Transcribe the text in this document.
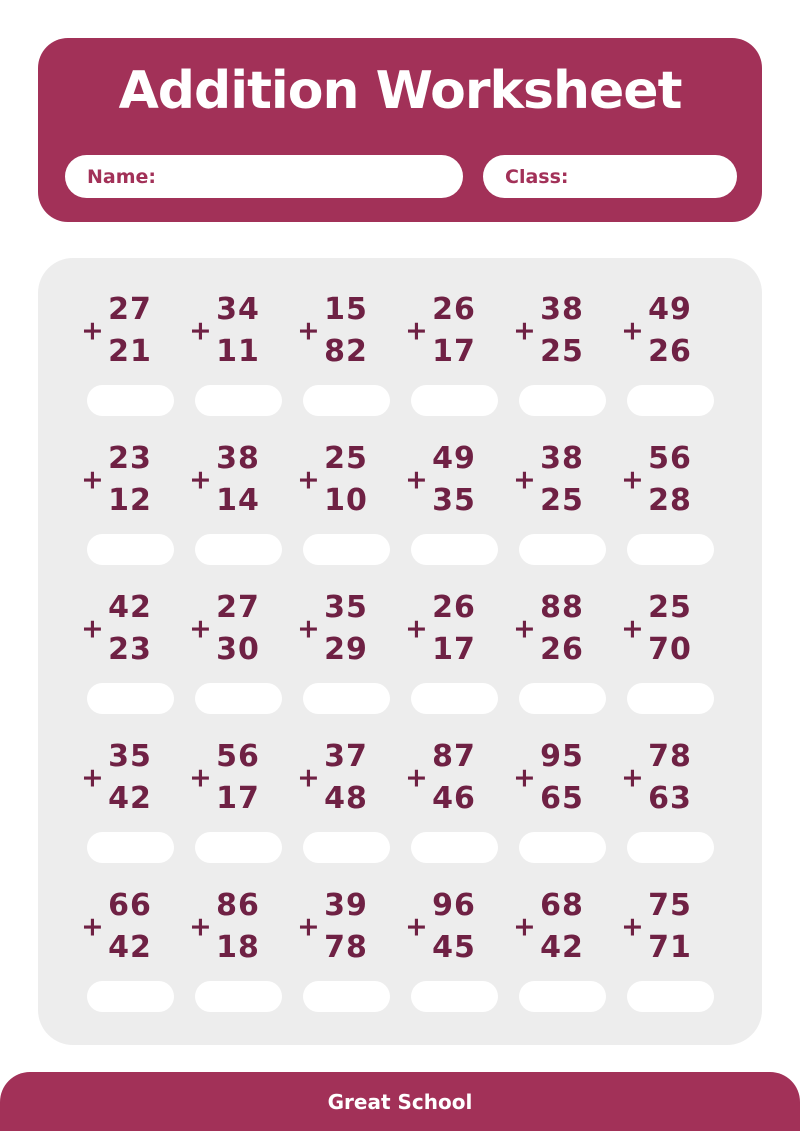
Addition Worksheet
Name:	Class:
+
27
21
+
34
11
+
15
82
+
26
17
+
38
25
+
49
26
+
23
12
+
38
14
+
25
10
+
49
35
+
38
25
+
56
28
+
42
23
+
27
30
+
35
29
+
26
17
+
88
26
+
25
70
+
35
42
+
56
17
+
37
48
+
87
46
+
95
65
+
78
63
+
66
42
+
86
18
+
39
78
+
96
45
+
68
42
+
75
71
Great School
